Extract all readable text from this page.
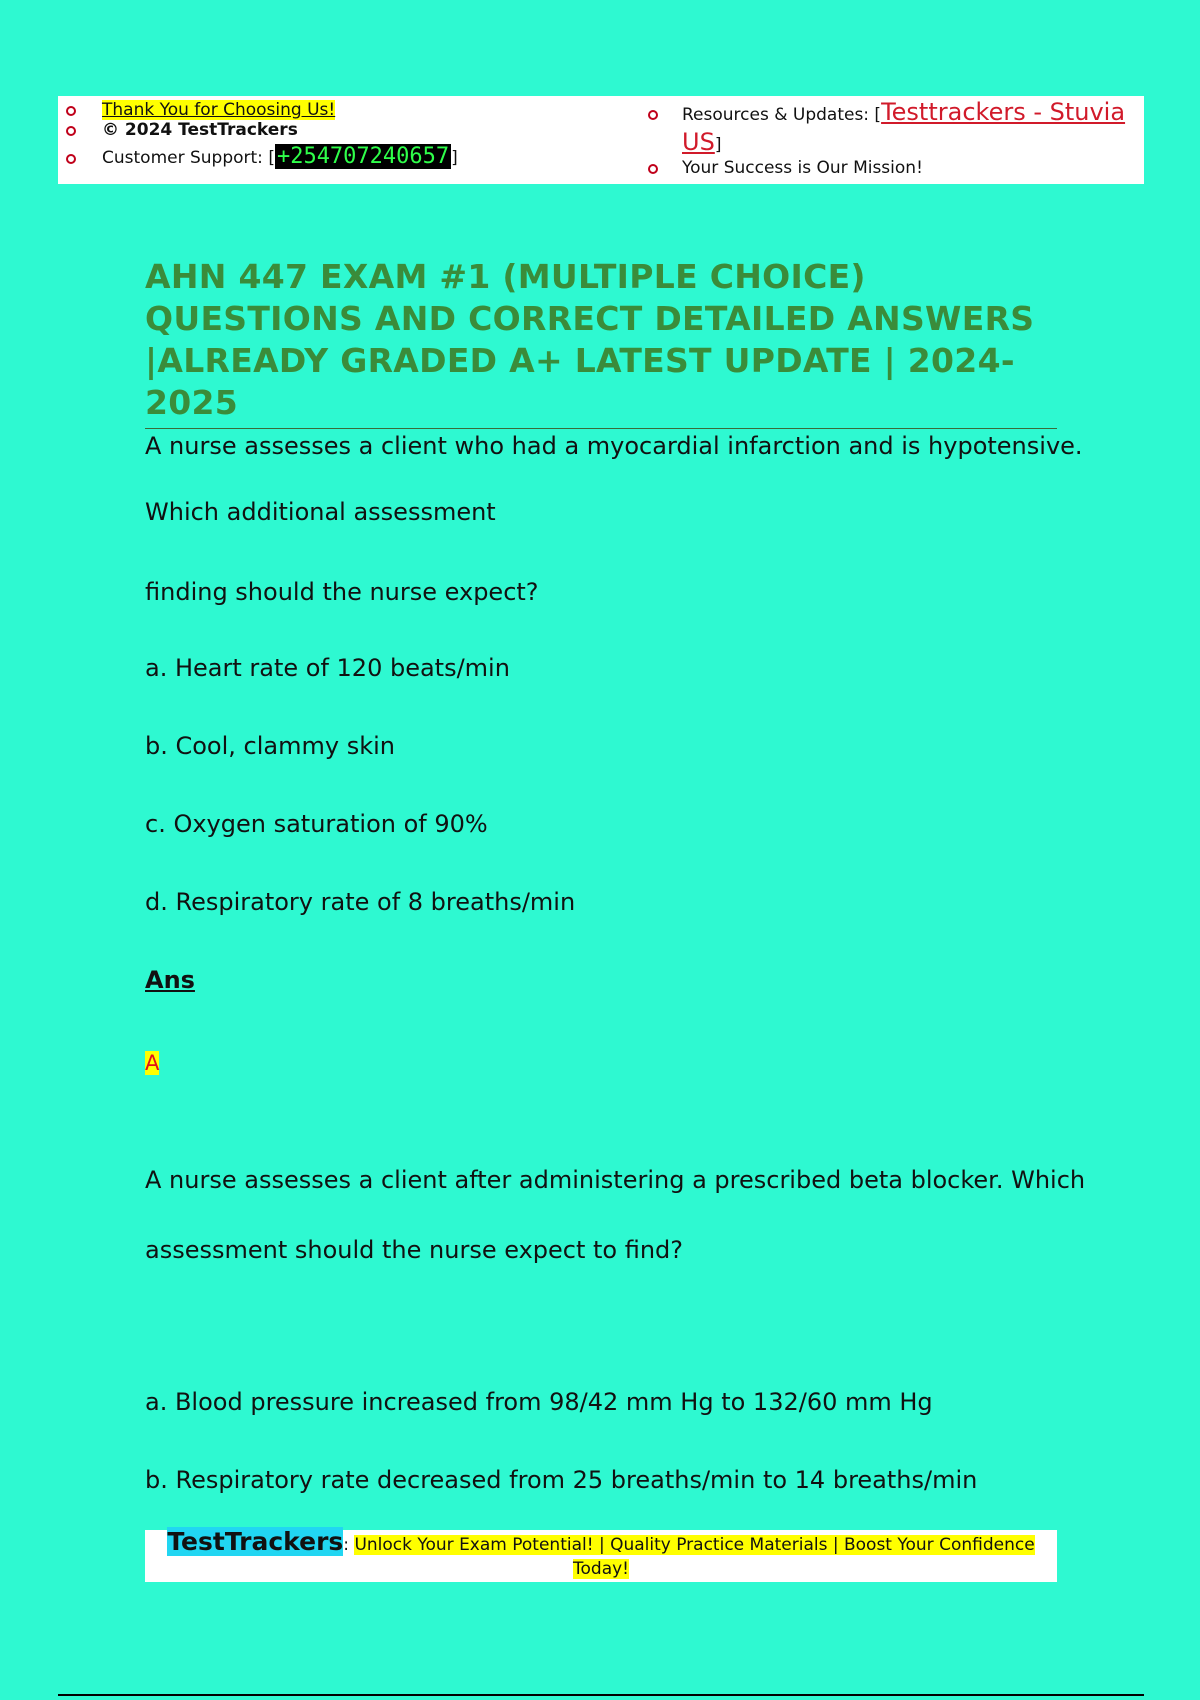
Thank You for Choosing Us!
© 2024 TestTrackers
Customer Support: [+254707240657 ]
Resources & Updates: [Testtrackers - Stuvia
US]
Your Success is Our Mission!
AHN 447 EXAM #1 (MULTIPLE CHOICE) QUESTIONS AND CORRECT DETAILED ANSWERS |ALREADY GRADED A+ LATEST UPDATE | 2024-2025
A nurse assesses a client who had a myocardial infarction and is hypotensive.
Which additional assessment
finding should the nurse expect?
a. Heart rate of 120 beats/min
b. Cool, clammy skin
c. Oxygen saturation of 90%
d. Respiratory rate of 8 breaths/min
Ans
A
A nurse assesses a client after administering a prescribed beta blocker. Which
assessment should the nurse expect to find?
a. Blood pressure increased from 98/42 mm Hg to 132/60 mm Hg
b. Respiratory rate decreased from 25 breaths/min to 14 breaths/min
TestTrackers: Unlock Your Exam Potential! | Quality Practice Materials | Boost Your Confidence
Today!
